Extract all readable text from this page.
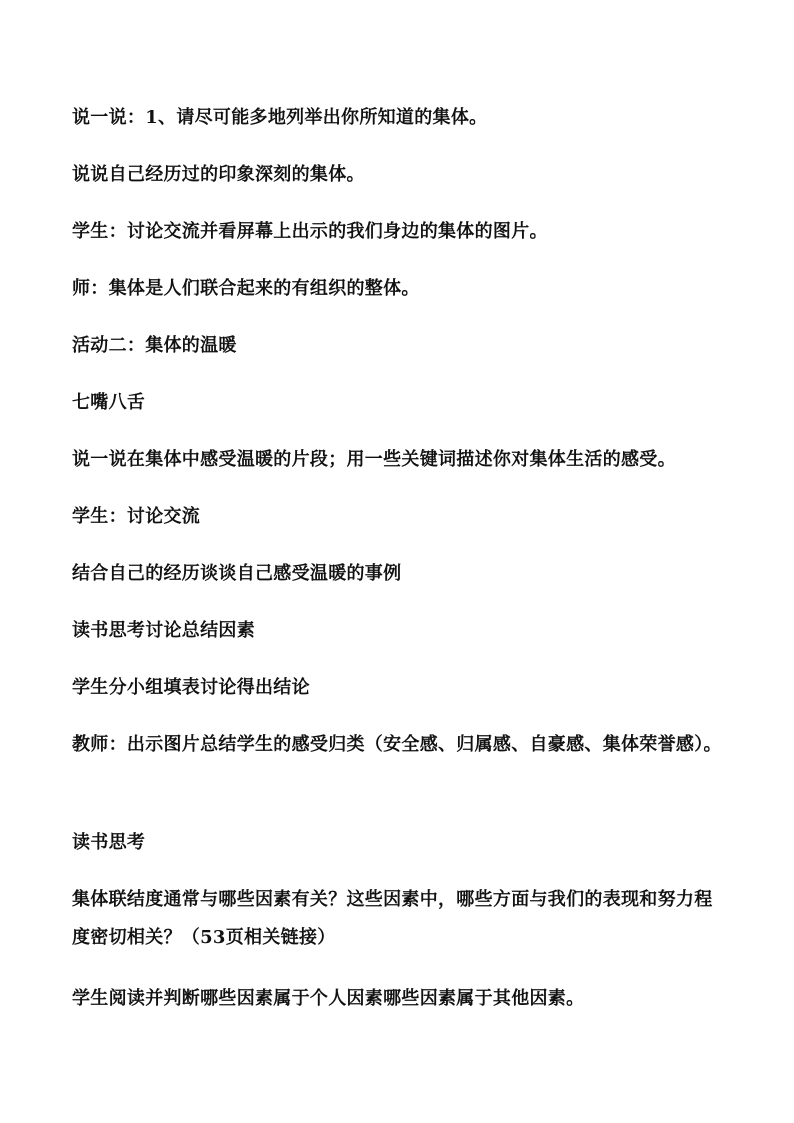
说一说：1、请尽可能多地列举出你所知道的集体。

说说自己经历过的印象深刻的集体。

学生：讨论交流并看屏幕上出示的我们身边的集体的图片。

师：集体是人们联合起来的有组织的整体。

活动二：集体的温暖

七嘴八舌

说一说在集体中感受温暖的片段；用一些关键词描述你对集体生活的感受。

学生：讨论交流

结合自己的经历谈谈自己感受温暖的事例

读书思考讨论总结因素

学生分小组填表讨论得出结论

教师：出示图片总结学生的感受归类（安全感、归属感、自豪感、集体荣誉感）。

读书思考

集体联结度通常与哪些因素有关？这些因素中，哪些方面与我们的表现和努力程度密切相关？（53页相关链接）

学生阅读并判断哪些因素属于个人因素哪些因素属于其他因素。
